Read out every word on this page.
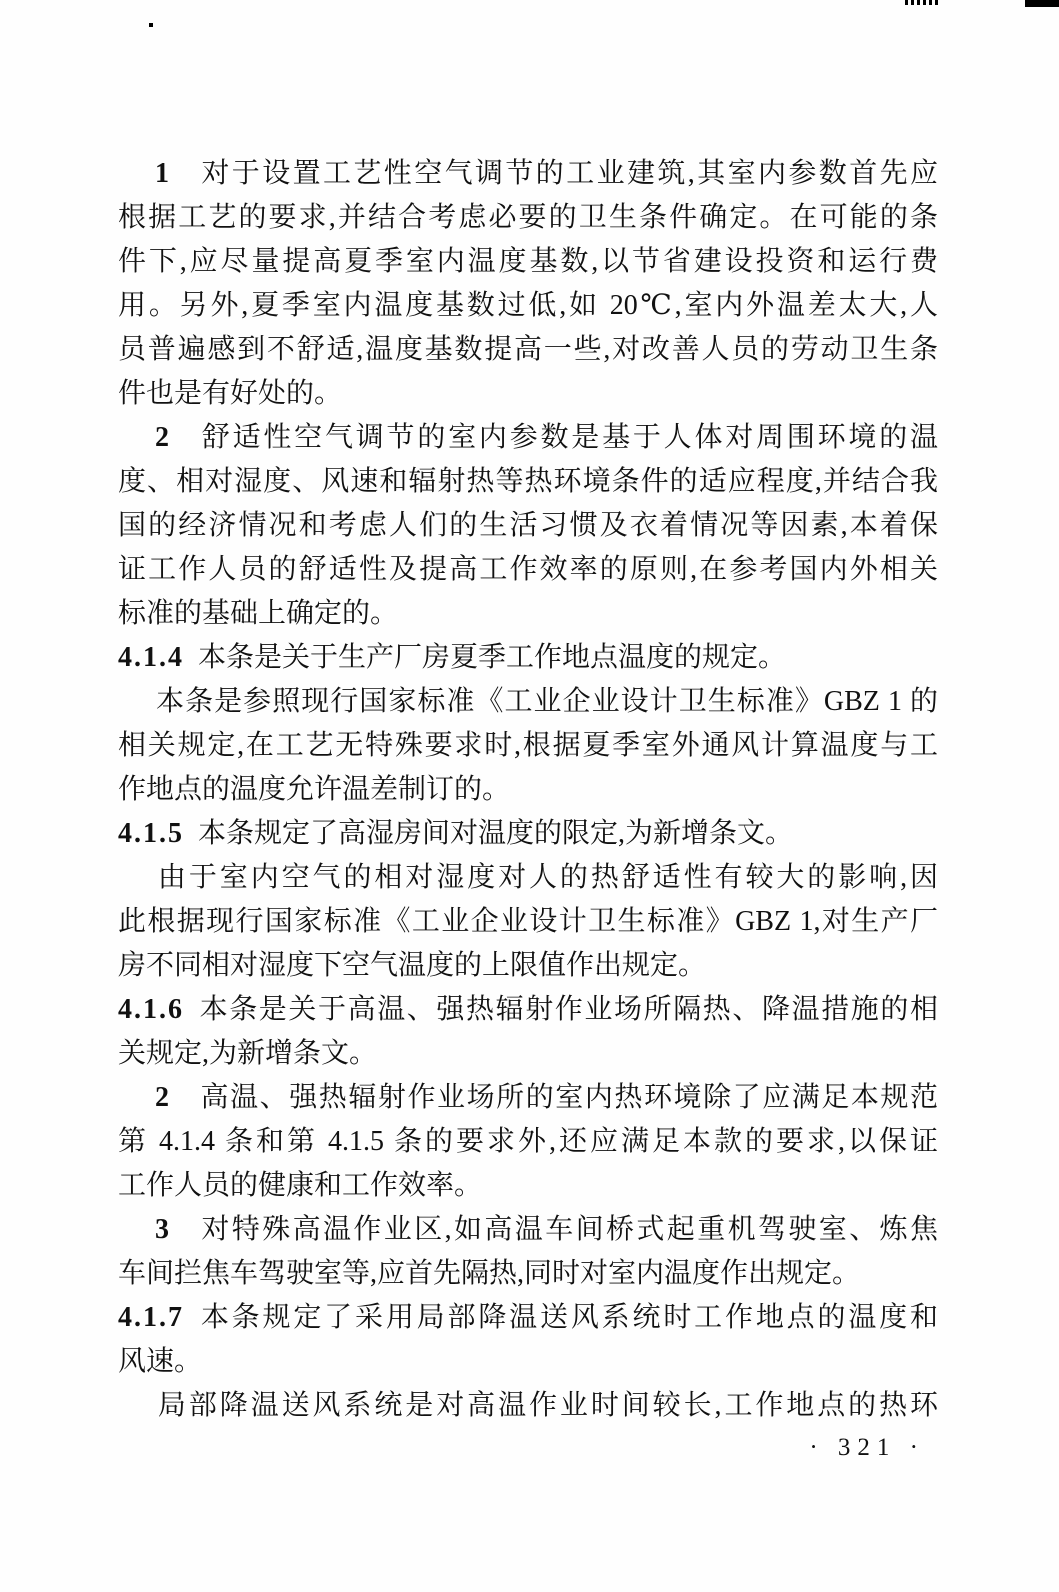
1 对于设置工艺性空气调节的工业建筑,其室内参数首先应
根据工艺的要求,并结合考虑必要的卫生条件确定。在可能的条
件下,应尽量提高夏季室内温度基数,以节省建设投资和运行费
用。另外,夏季室内温度基数过低,如 20℃,室内外温差太大,人
员普遍感到不舒适,温度基数提高一些,对改善人员的劳动卫生条
件也是有好处的。
2 舒适性空气调节的室内参数是基于人体对周围环境的温
度、相对湿度、风速和辐射热等热环境条件的适应程度,并结合我
国的经济情况和考虑人们的生活习惯及衣着情况等因素,本着保
证工作人员的舒适性及提高工作效率的原则,在参考国内外相关
标准的基础上确定的。
4.1.4 本条是关于生产厂房夏季工作地点温度的规定。
本条是参照现行国家标准《工业企业设计卫生标准》GBZ 1 的
相关规定,在工艺无特殊要求时,根据夏季室外通风计算温度与工
作地点的温度允许温差制订的。
4.1.5 本条规定了高湿房间对温度的限定,为新增条文。
由于室内空气的相对湿度对人的热舒适性有较大的影响,因
此根据现行国家标准《工业企业设计卫生标准》GBZ 1,对生产厂
房不同相对湿度下空气温度的上限值作出规定。
4.1.6 本条是关于高温、强热辐射作业场所隔热、降温措施的相
关规定,为新增条文。
2 高温、强热辐射作业场所的室内热环境除了应满足本规范
第 4.1.4 条和第 4.1.5 条的要求外,还应满足本款的要求,以保证
工作人员的健康和工作效率。
3 对特殊高温作业区,如高温车间桥式起重机驾驶室、炼焦
车间拦焦车驾驶室等,应首先隔热,同时对室内温度作出规定。
4.1.7 本条规定了采用局部降温送风系统时工作地点的温度和
风速。
局部降温送风系统是对高温作业时间较长,工作地点的热环
· 321 ·
